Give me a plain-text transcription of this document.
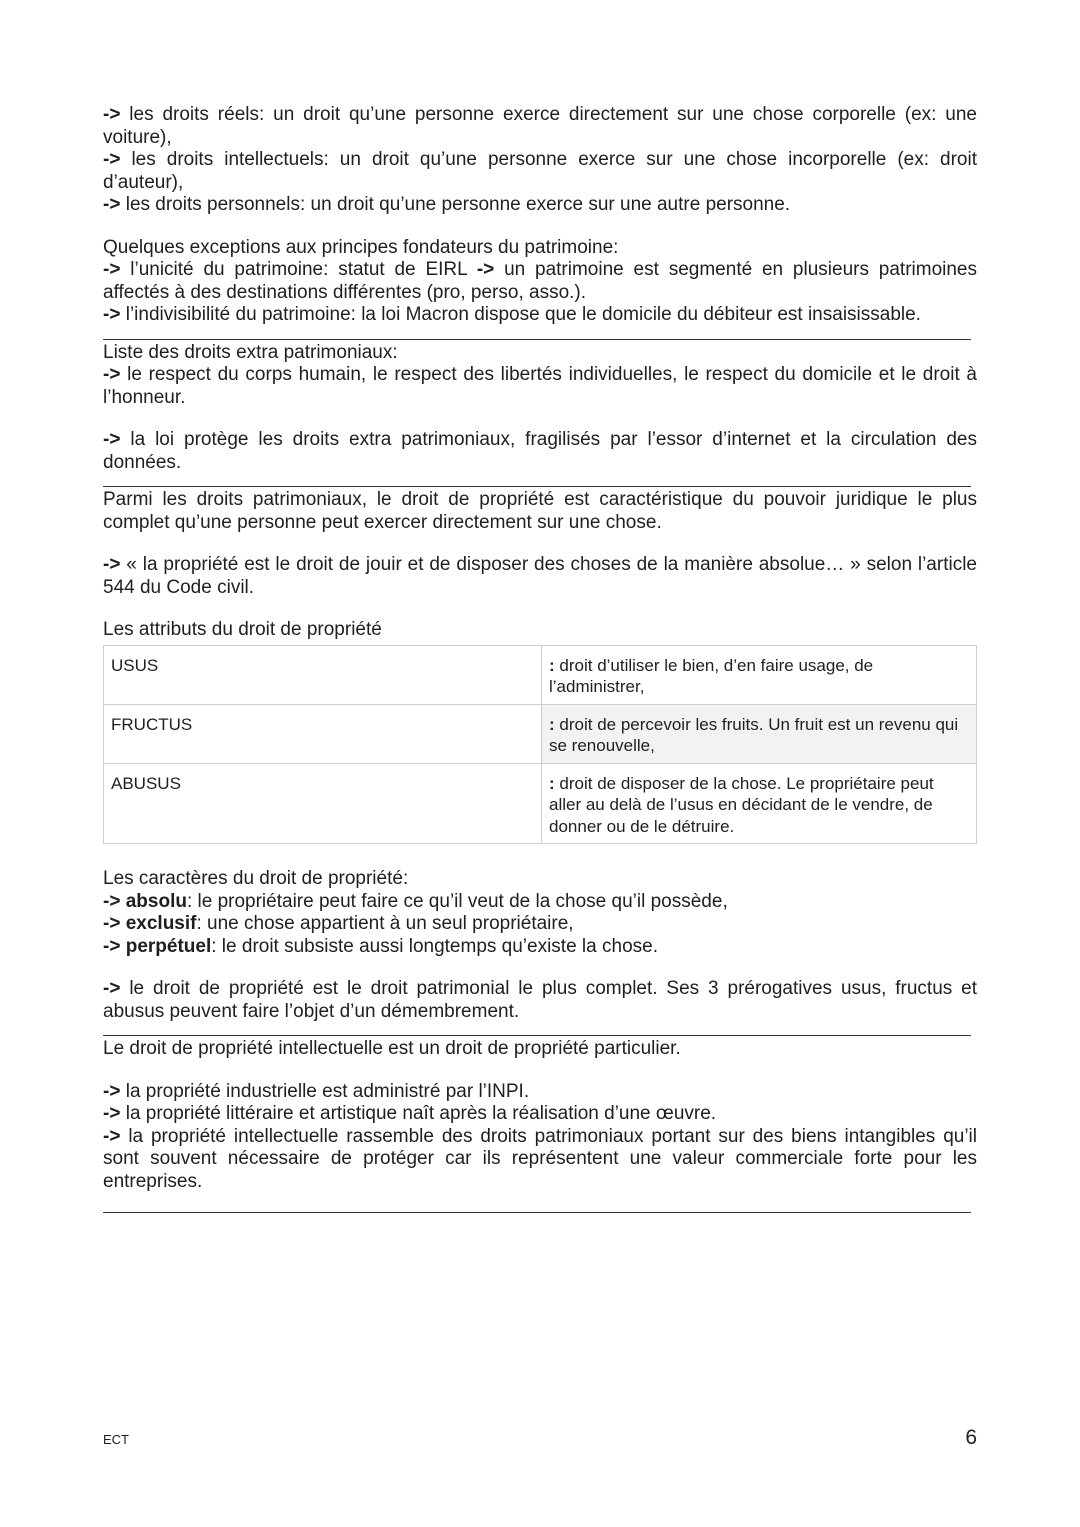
-> les droits réels: un droit qu’une personne exerce directement sur une chose corporelle (ex: une voiture),

-> les droits intellectuels: un droit qu’une personne exerce sur une chose incorporelle (ex: droit d’auteur),

-> les droits personnels: un droit qu’une personne exerce sur une autre personne.

Quelques exceptions aux principes fondateurs du patrimoine:

-> l’unicité du patrimoine: statut de EIRL -> un patrimoine est segmenté en plusieurs patrimoines affectés à des destinations différentes (pro, perso, asso.).

-> l’indivisibilité du patrimoine: la loi Macron dispose que le domicile du débiteur est insaisissable.

Liste des droits extra patrimoniaux:

-> le respect du corps humain, le respect des libertés individuelles, le respect du domicile et le droit à l’honneur.

-> la loi protège les droits extra patrimoniaux, fragilisés par l’essor d’internet et la circulation des données.

Parmi les droits patrimoniaux, le droit de propriété est caractéristique du pouvoir juridique le plus complet qu’une personne peut exercer directement sur une chose.

-> « la propriété est le droit de jouir et de disposer des choses de la manière absolue… » selon l’article 544 du Code civil.

Les attributs du droit de propriété

USUS	: droit d’utiliser le bien, d’en faire usage, de l’administrer,
FRUCTUS	: droit de percevoir les fruits. Un fruit est un revenu qui se renouvelle,
ABUSUS	: droit de disposer de la chose. Le propriétaire peut aller au delà de l’usus en décidant de le vendre, de donner ou de le détruire.

Les caractères du droit de propriété:

-> absolu: le propriétaire peut faire ce qu’il veut de la chose qu’il possède,

-> exclusif: une chose appartient à un seul propriétaire,

-> perpétuel: le droit subsiste aussi longtemps qu’existe la chose.

-> le droit de propriété est le droit patrimonial le plus complet. Ses 3 prérogatives usus, fructus et abusus peuvent faire l’objet d’un démembrement.

Le droit de propriété intellectuelle est un droit de propriété particulier.

-> la propriété industrielle est administré par l’INPI.

-> la propriété littéraire et artistique naît après la réalisation d’une œuvre.

-> la propriété intellectuelle rassemble des droits patrimoniaux portant sur des biens intangibles qu’il sont souvent nécessaire de protéger car ils représentent une valeur commerciale forte pour les entreprises.

ECT	6
